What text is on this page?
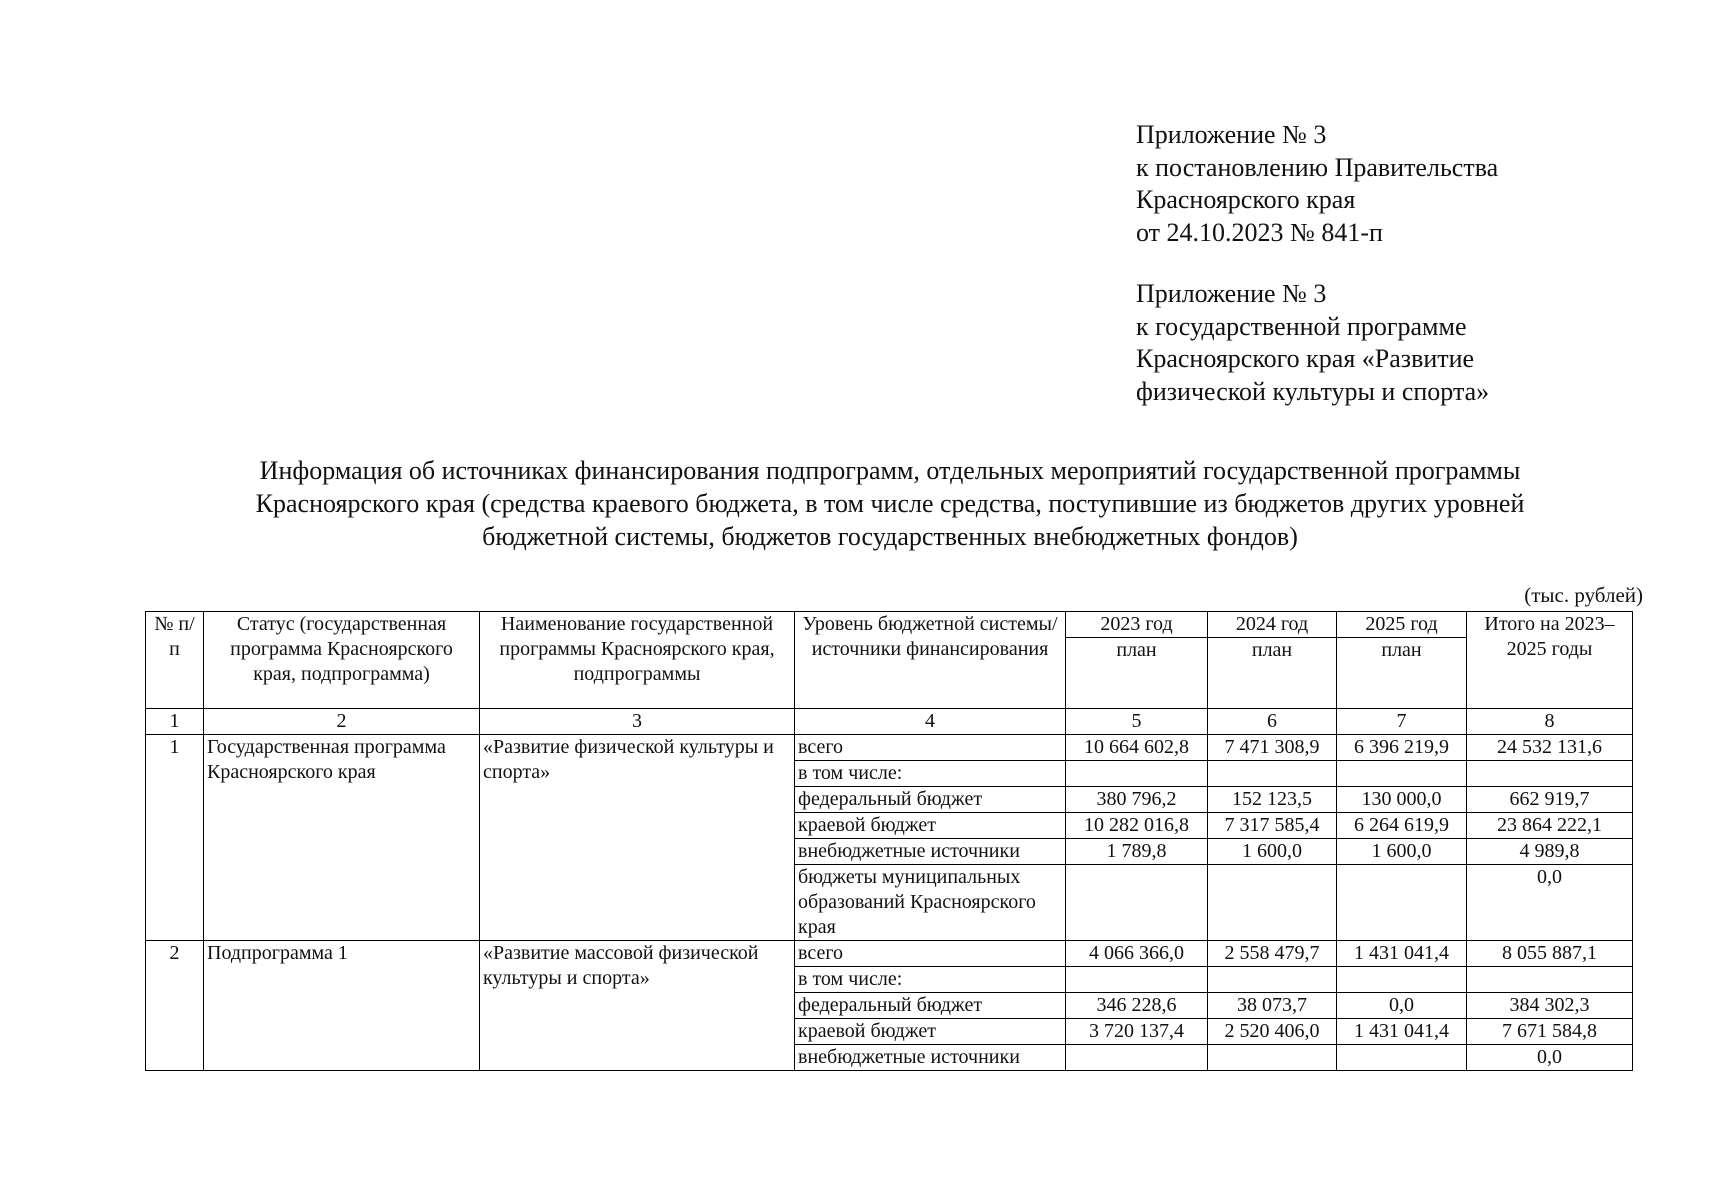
Приложение № 3
к постановлению Правительства
Красноярского края
от 24.10.2023 № 841-п
Приложение № 3
к государственной программе
Красноярского края «Развитие
физической культуры и спорта»
Информация об источниках финансирования подпрограмм, отдельных мероприятий государственной программы
Красноярского края (средства краевого бюджета, в том числе средства, поступившие из бюджетов других уровней
бюджетной системы, бюджетов государственных внебюджетных фондов)
(тыс. рублей)
№ п/п	Статус (государственная программа Красноярского края, подпрограмма)	Наименование государственной программы Красноярского края, подпрограммы	Уровень бюджетной системы/ источники финансирования	2023 год	2024 год	2025 год	Итого на 2023–2025 годы
				план	план	план	
1	2	3	4	5	6	7	8
1	Государственная программа Красноярского края	«Развитие физической культуры и спорта»	всего	10 664 602,8	7 471 308,9	6 396 219,9	24 532 131,6
			в том числе:				
			федеральный бюджет	380 796,2	152 123,5	130 000,0	662 919,7
			краевой бюджет	10 282 016,8	7 317 585,4	6 264 619,9	23 864 222,1
			внебюджетные источники	1 789,8	1 600,0	1 600,0	4 989,8
			бюджеты муниципальных образований Красноярского края				0,0
2	Подпрограмма 1	«Развитие массовой физической культуры и спорта»	всего	4 066 366,0	2 558 479,7	1 431 041,4	8 055 887,1
			в том числе:				
			федеральный бюджет	346 228,6	38 073,7	0,0	384 302,3
			краевой бюджет	3 720 137,4	2 520 406,0	1 431 041,4	7 671 584,8
			внебюджетные источники				0,0
